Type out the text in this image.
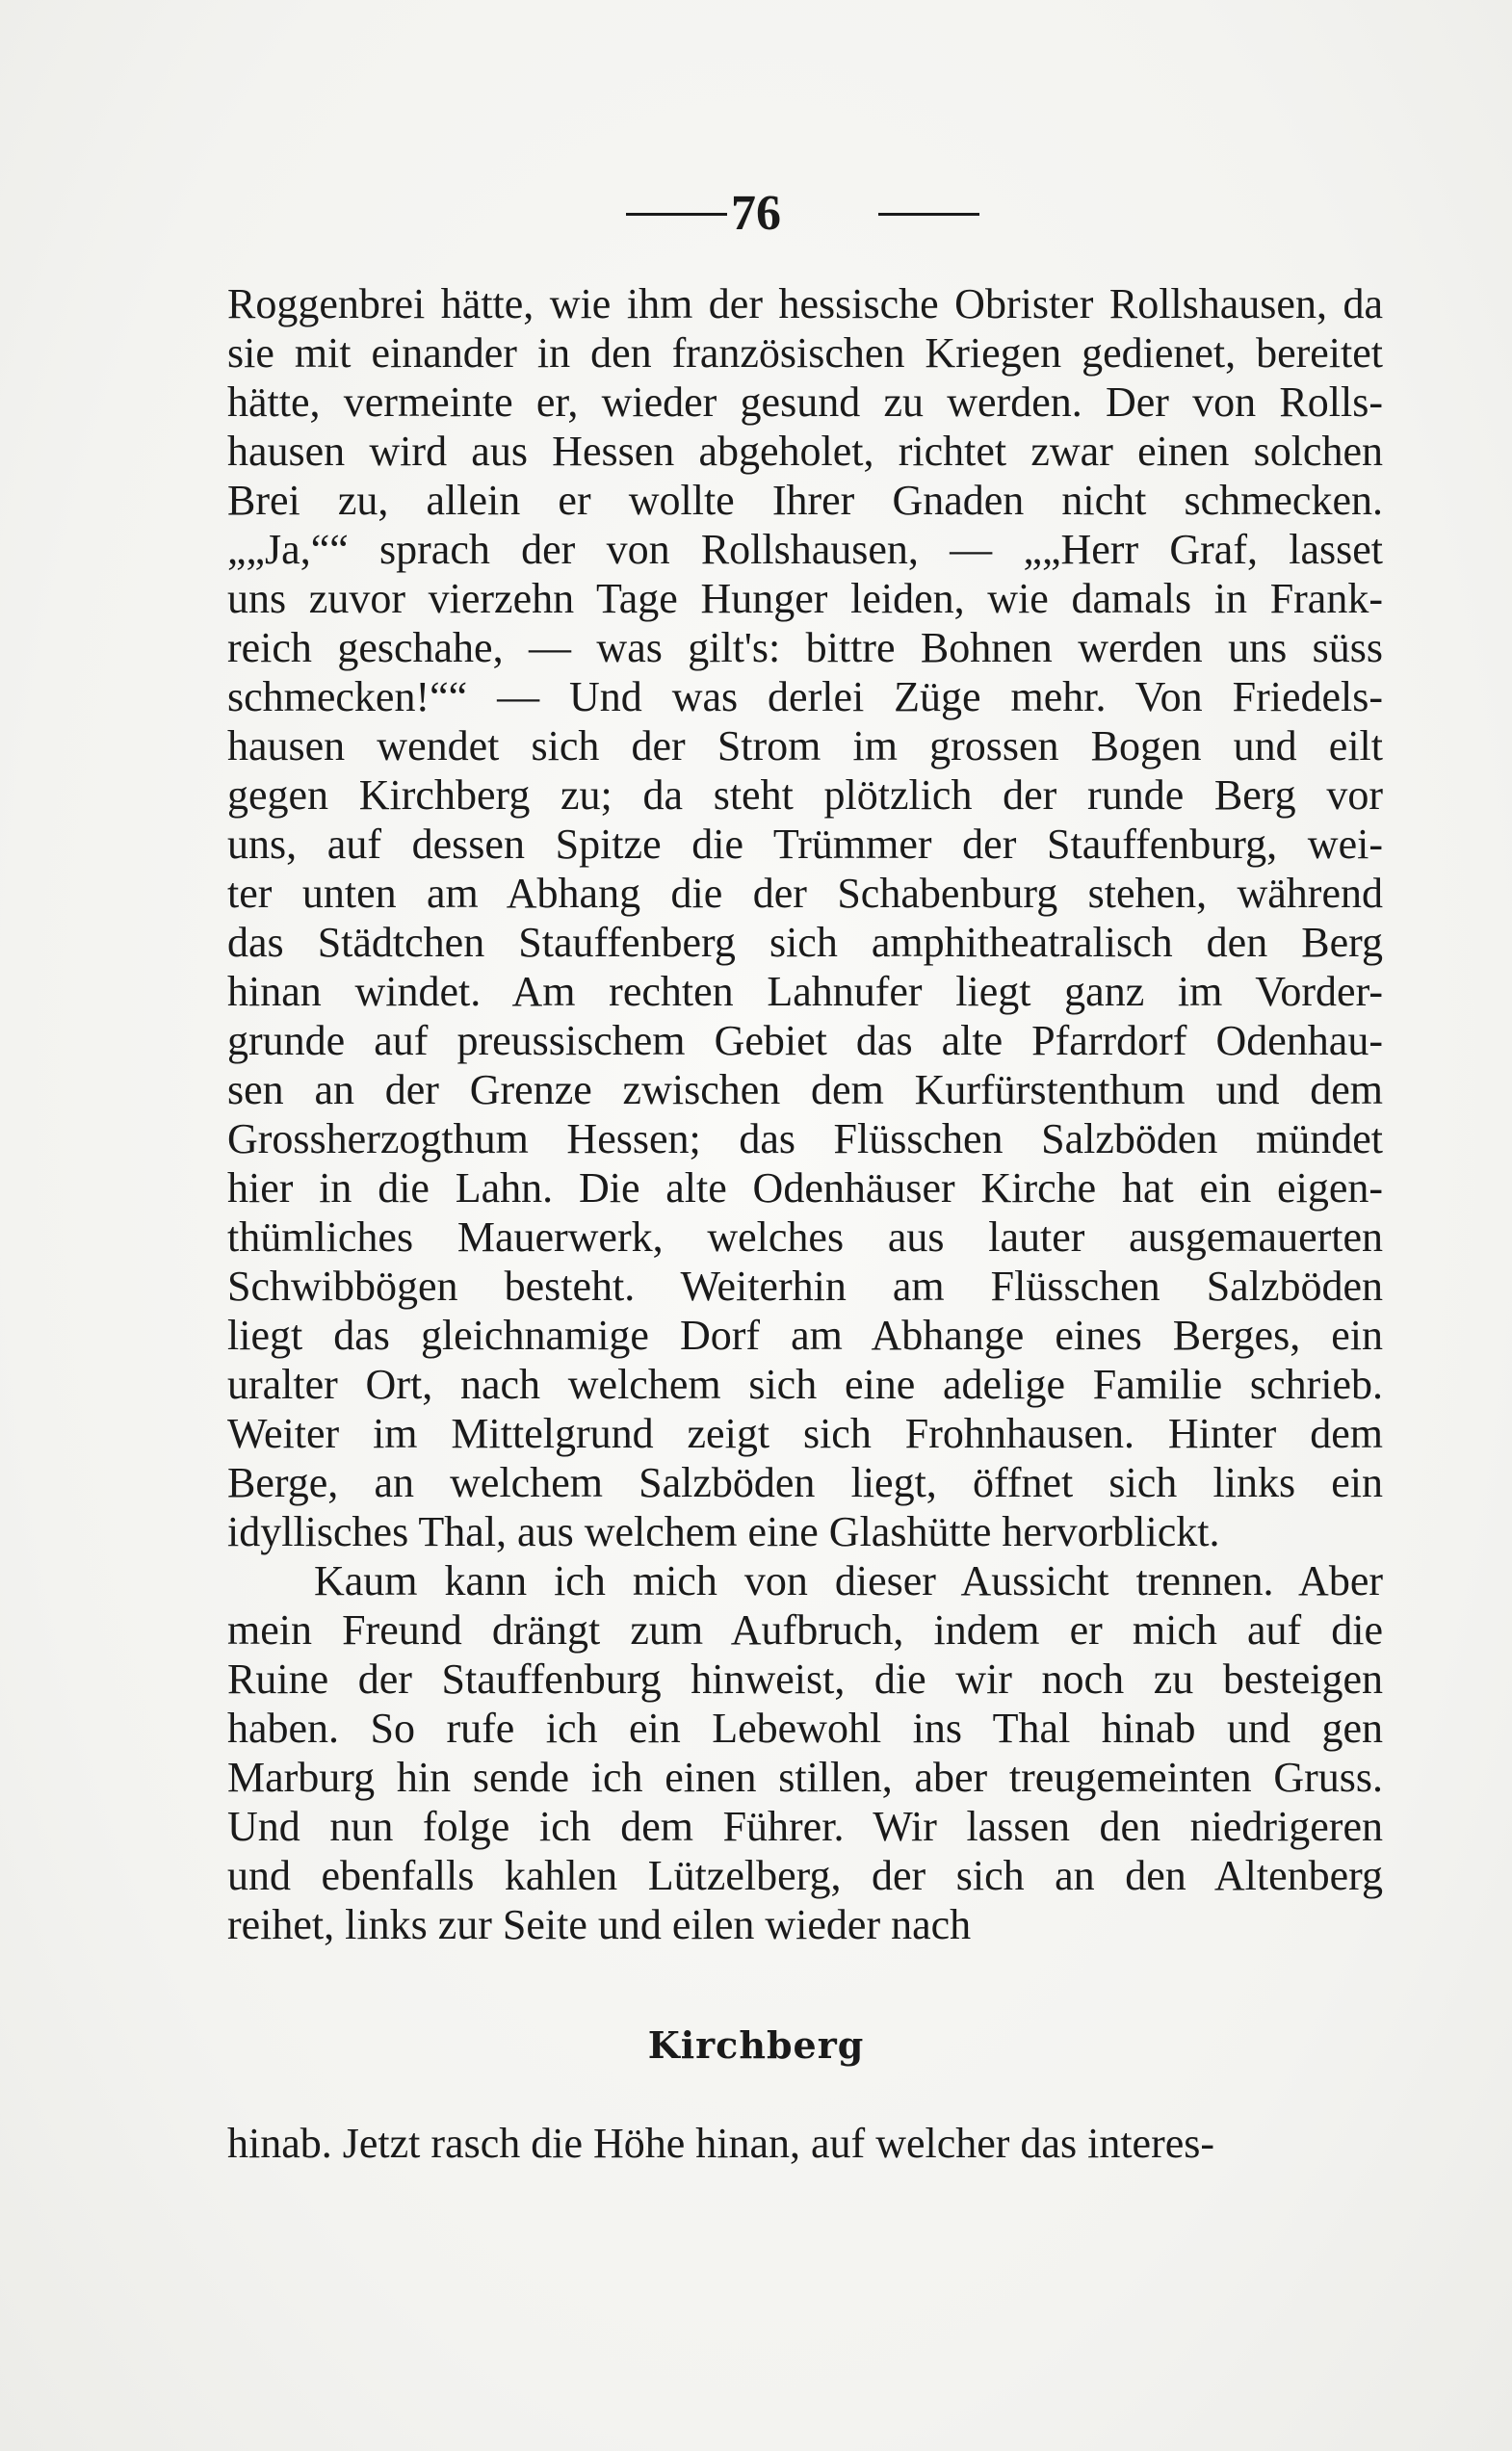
76
Roggenbrei hätte, wie ihm der hessische Obrister Rollshausen, da
sie mit einander in den französischen Kriegen gedienet, bereitet
hätte, vermeinte er, wieder gesund zu werden. Der von Rolls-
hausen wird aus Hessen abgeholet, richtet zwar einen solchen
Brei zu, allein er wollte Ihrer Gnaden nicht schmecken.
„„Ja,““ sprach der von Rollshausen, — „„Herr Graf, lasset
uns zuvor vierzehn Tage Hunger leiden, wie damals in Frank-
reich geschahe, — was gilt's: bittre Bohnen werden uns süss
schmecken!““ — Und was derlei Züge mehr. Von Friedels-
hausen wendet sich der Strom im grossen Bogen und eilt
gegen Kirchberg zu; da steht plötzlich der runde Berg vor
uns, auf dessen Spitze die Trümmer der Stauffenburg, wei-
ter unten am Abhang die der Schabenburg stehen, während
das Städtchen Stauffenberg sich amphitheatralisch den Berg
hinan windet. Am rechten Lahnufer liegt ganz im Vorder-
grunde auf preussischem Gebiet das alte Pfarrdorf Odenhau-
sen an der Grenze zwischen dem Kurfürstenthum und dem
Grossherzogthum Hessen; das Flüsschen Salzböden mündet
hier in die Lahn. Die alte Odenhäuser Kirche hat ein eigen-
thümliches Mauerwerk, welches aus lauter ausgemauerten
Schwibbögen besteht. Weiterhin am Flüsschen Salzböden
liegt das gleichnamige Dorf am Abhange eines Berges, ein
uralter Ort, nach welchem sich eine adelige Familie schrieb.
Weiter im Mittelgrund zeigt sich Frohnhausen. Hinter dem
Berge, an welchem Salzböden liegt, öffnet sich links ein
idyllisches Thal, aus welchem eine Glashütte hervorblickt.
Kaum kann ich mich von dieser Aussicht trennen. Aber
mein Freund drängt zum Aufbruch, indem er mich auf die
Ruine der Stauffenburg hinweist, die wir noch zu besteigen
haben. So rufe ich ein Lebewohl ins Thal hinab und gen
Marburg hin sende ich einen stillen, aber treugemeinten Gruss.
Und nun folge ich dem Führer. Wir lassen den niedrigeren
und ebenfalls kahlen Lützelberg, der sich an den Altenberg
reihet, links zur Seite und eilen wieder nach
Kirchberg
hinab. Jetzt rasch die Höhe hinan, auf welcher das interes-
